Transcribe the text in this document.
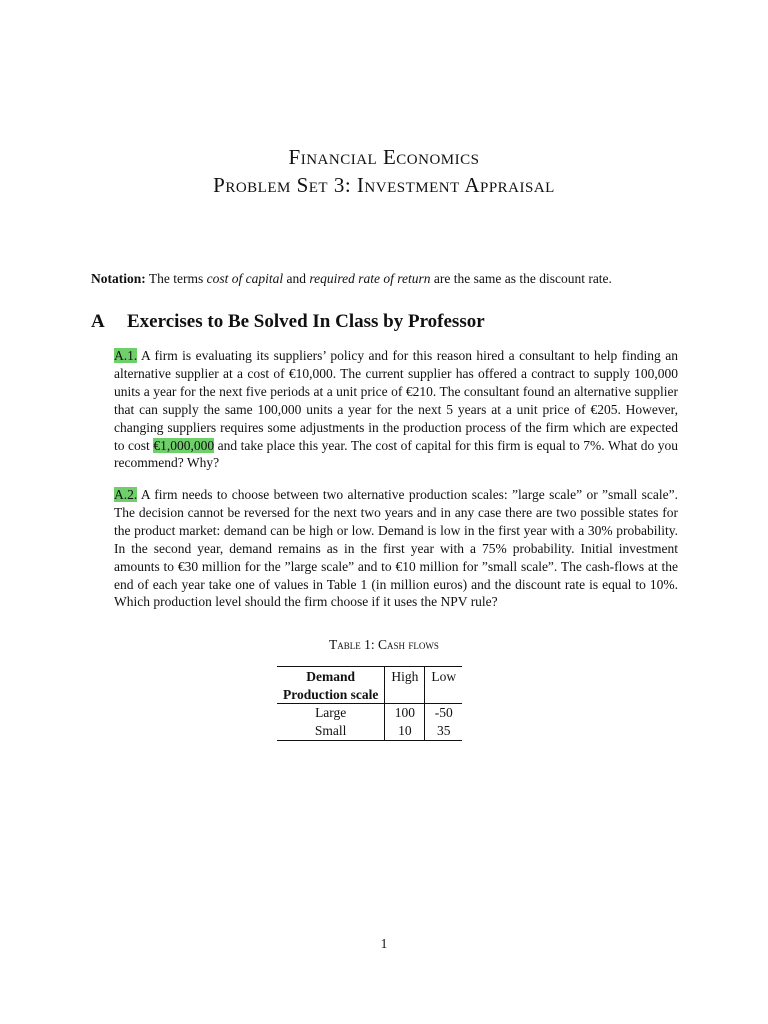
Financial Economics
Problem Set 3: Investment Appraisal
Notation: The terms cost of capital and required rate of return are the same as the discount rate.
A Exercises to Be Solved In Class by Professor
A.1. A firm is evaluating its suppliers’ policy and for this reason hired a consultant to help finding an alternative supplier at a cost of €10,000. The current supplier has offered a contract to supply 100,000 units a year for the next five periods at a unit price of €210. The consultant found an alternative supplier that can supply the same 100,000 units a year for the next 5 years at a unit price of €205. However, changing suppliers requires some adjustments in the production process of the firm which are expected to cost €1,000,000 and take place this year. The cost of capital for this firm is equal to 7%. What do you recommend? Why?
A.2. A firm needs to choose between two alternative production scales: ”large scale” or ”small scale”. The decision cannot be reversed for the next two years and in any case there are two possible states for the product market: demand can be high or low. Demand is low in the first year with a 30% probability. In the second year, demand remains as in the first year with a 75% probability. Initial investment amounts to €30 million for the ”large scale” and to €10 million for ”small scale”. The cash-flows at the end of each year take one of values in Table 1 (in million euros) and the discount rate is equal to 10%. Which production level should the firm choose if it uses the NPV rule?
Table 1: Cash flows
Demand	High	Low
Production scale		
Large	100	-50
Small	10	35
1
